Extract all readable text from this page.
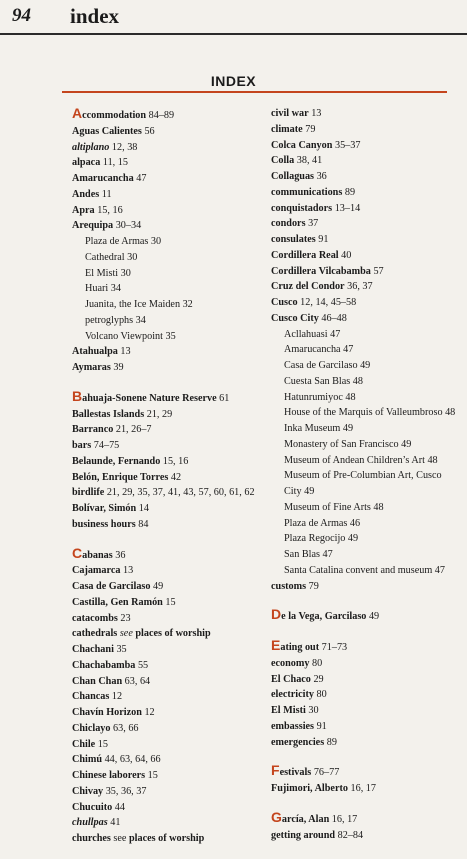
94 index
INDEX
Accommodation 84–89
Aguas Calientes 56
altiplano 12, 38
alpaca 11, 15
Amarucancha 47
Andes 11
Apra 15, 16
Arequipa 30–34
Plaza de Armas 30
Cathedral 30
El Misti 30
Huari 34
Juanita, the Ice Maiden 32
petroglyphs 34
Volcano Viewpoint 35
Atahualpa 13
Aymaras 39
Bahuaja-Sonene Nature Reserve 61
Ballestas Islands 21, 29
Barranco 21, 26–7
bars 74–75
Belaunde, Fernando 15, 16
Belón, Enrique Torres 42
birdlife 21, 29, 35, 37, 41, 43, 57, 60, 61, 62
Bolívar, Simón 14
business hours 84
Cabanas 36
Cajamarca 13
Casa de Garcilaso 49
Castilla, Gen Ramón 15
catacombs 23
cathedrals see places of worship
Chachani 35
Chachabamba 55
Chan Chan 63, 64
Chancas 12
Chavín Horizon 12
Chiclayo 63, 66
Chile 15
Chimú 44, 63, 64, 66
Chinese laborers 15
Chivay 35, 36, 37
Chucuito 44
chullpas 41
churches see places of worship
civil war 13
climate 79
Colca Canyon 35–37
Colla 38, 41
Collaguas 36
communications 89
conquistadors 13–14
condors 37
consulates 91
Cordillera Real 40
Cordillera Vilcabamba 57
Cruz del Condor 36, 37
Cusco 12, 14, 45–58
Cusco City 46–48
Acllahuasi 47
Amarucancha 47
Casa de Garcilaso 49
Cuesta San Blas 48
Hatunrumiyoc 48
House of the Marquis of Valleumbroso 48
Inka Museum 49
Monastery of San Francisco 49
Museum of Andean Children’s Art 48
Museum of Pre-Columbian Art, Cusco City 49
Museum of Fine Arts 48
Plaza de Armas 46
Plaza Regocijo 49
San Blas 47
Santa Catalina convent and museum 47
customs 79
De la Vega, Garcilaso 49
Eating out 71–73
economy 80
El Chaco 29
electricity 80
El Misti 30
embassies 91
emergencies 89
Festivals 76–77
Fujimori, Alberto 16, 17
García, Alan 16, 17
getting around 82–84
